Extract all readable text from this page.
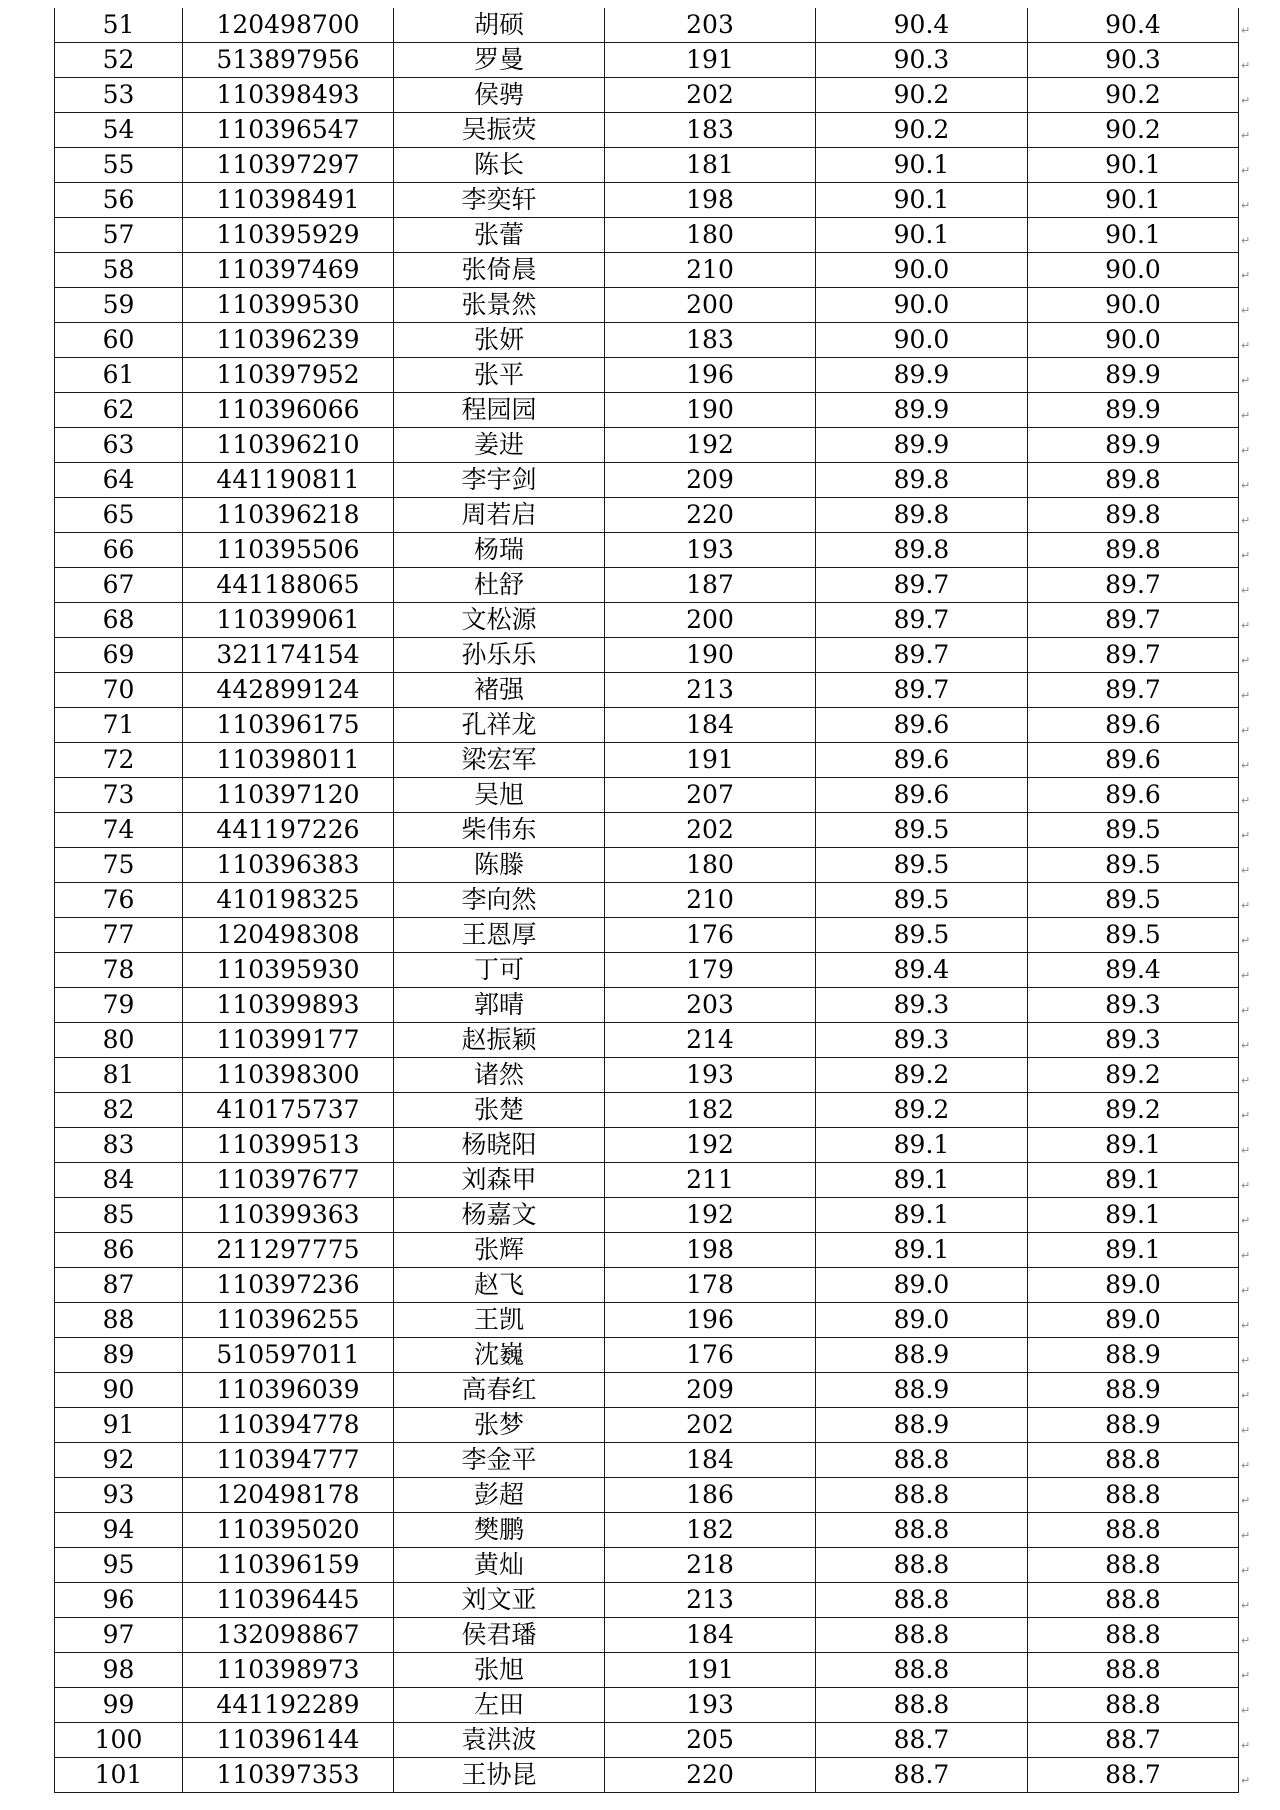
51	120498700	胡硕	203	90.4	90.4
52	513897956	罗曼	191	90.3	90.3
53	110398493	侯骋	202	90.2	90.2
54	110396547	吴振荧	183	90.2	90.2
55	110397297	陈长	181	90.1	90.1
56	110398491	李奕轩	198	90.1	90.1
57	110395929	张蕾	180	90.1	90.1
58	110397469	张倚晨	210	90.0	90.0
59	110399530	张景然	200	90.0	90.0
60	110396239	张妍	183	90.0	90.0
61	110397952	张平	196	89.9	89.9
62	110396066	程园园	190	89.9	89.9
63	110396210	姜进	192	89.9	89.9
64	441190811	李宇剑	209	89.8	89.8
65	110396218	周若启	220	89.8	89.8
66	110395506	杨瑞	193	89.8	89.8
67	441188065	杜舒	187	89.7	89.7
68	110399061	文松源	200	89.7	89.7
69	321174154	孙乐乐	190	89.7	89.7
70	442899124	褚强	213	89.7	89.7
71	110396175	孔祥龙	184	89.6	89.6
72	110398011	梁宏军	191	89.6	89.6
73	110397120	吴旭	207	89.6	89.6
74	441197226	柴伟东	202	89.5	89.5
75	110396383	陈滕	180	89.5	89.5
76	410198325	李向然	210	89.5	89.5
77	120498308	王恩厚	176	89.5	89.5
78	110395930	丁可	179	89.4	89.4
79	110399893	郭晴	203	89.3	89.3
80	110399177	赵振颖	214	89.3	89.3
81	110398300	诸然	193	89.2	89.2
82	410175737	张楚	182	89.2	89.2
83	110399513	杨晓阳	192	89.1	89.1
84	110397677	刘森甲	211	89.1	89.1
85	110399363	杨嘉文	192	89.1	89.1
86	211297775	张辉	198	89.1	89.1
87	110397236	赵飞	178	89.0	89.0
88	110396255	王凯	196	89.0	89.0
89	510597011	沈巍	176	88.9	88.9
90	110396039	高春红	209	88.9	88.9
91	110394778	张梦	202	88.9	88.9
92	110394777	李金平	184	88.8	88.8
93	120498178	彭超	186	88.8	88.8
94	110395020	樊鹏	182	88.8	88.8
95	110396159	黄灿	218	88.8	88.8
96	110396445	刘文亚	213	88.8	88.8
97	132098867	侯君璠	184	88.8	88.8
98	110398973	张旭	191	88.8	88.8
99	441192289	左田	193	88.8	88.8
100	110396144	袁洪波	205	88.7	88.7
101	110397353	王协昆	220	88.7	88.7
↵
↵
↵
↵
↵
↵
↵
↵
↵
↵
↵
↵
↵
↵
↵
↵
↵
↵
↵
↵
↵
↵
↵
↵
↵
↵
↵
↵
↵
↵
↵
↵
↵
↵
↵
↵
↵
↵
↵
↵
↵
↵
↵
↵
↵
↵
↵
↵
↵
↵
↵
